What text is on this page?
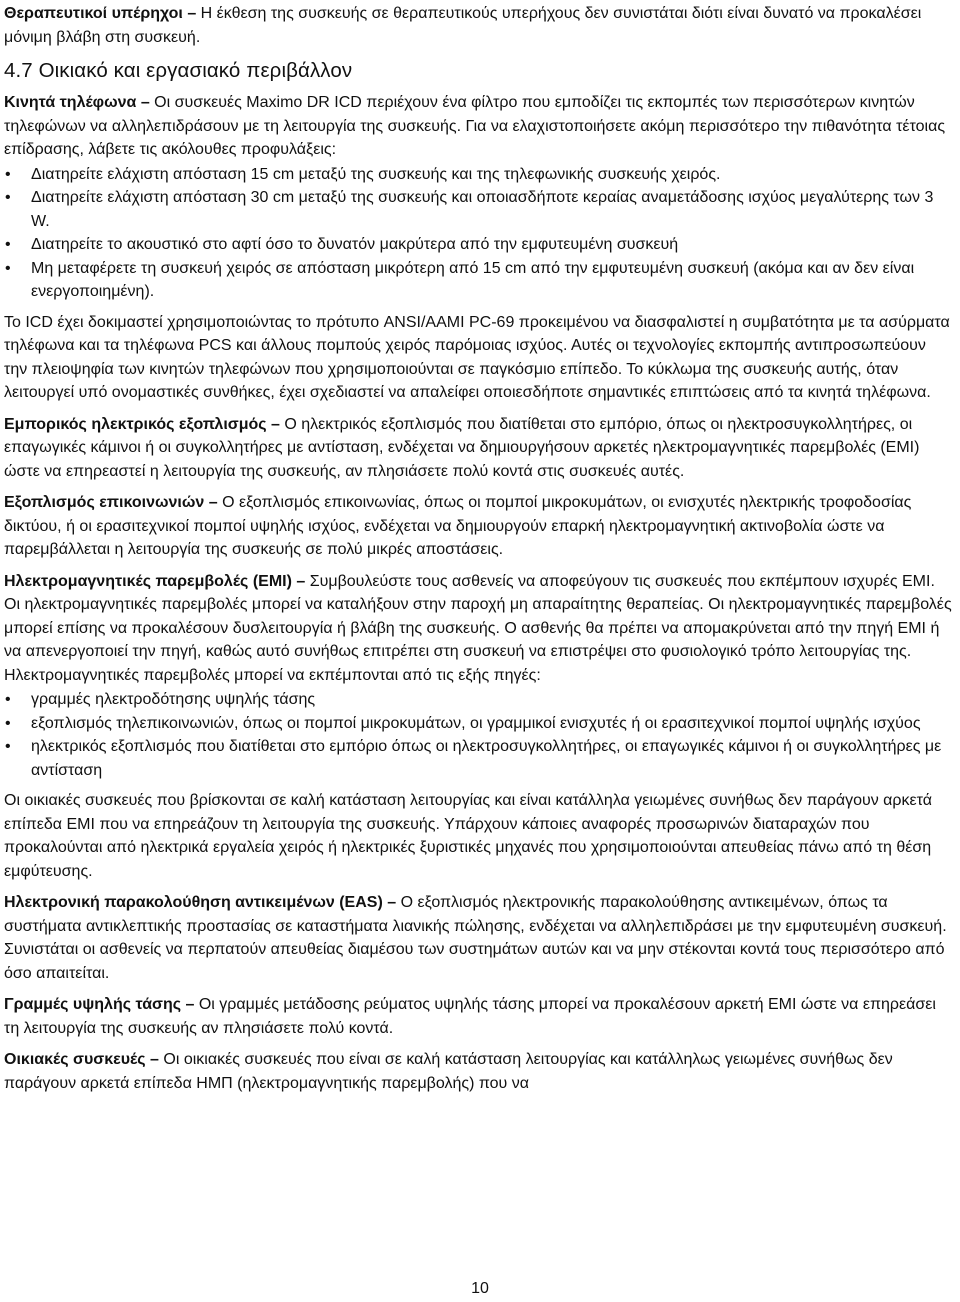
Θεραπευτικοί υπέρηχοι – Η έκθεση της συσκευής σε θεραπευτικούς υπερήχους δεν συνιστάται διότι είναι δυνατό να προκαλέσει μόνιμη βλάβη στη συσκευή.

4.7 Οικιακό και εργασιακό περιβάλλον

Κινητά τηλέφωνα – Οι συσκευές Maximo DR ICD περιέχουν ένα φίλτρο που εμποδίζει τις εκπομπές των περισσότερων κινητών τηλεφώνων να αλληλεπιδράσουν με τη λειτουργία της συσκευής. Για να ελαχιστοποιήσετε ακόμη περισσότερο την πιθανότητα τέτοιας επίδρασης, λάβετε τις ακόλουθες προφυλάξεις:

• Διατηρείτε ελάχιστη απόσταση 15 cm μεταξύ της συσκευής και της τηλεφωνικής συσκευής χειρός.
• Διατηρείτε ελάχιστη απόσταση 30 cm μεταξύ της συσκευής και οποιασδήποτε κεραίας αναμετάδοσης ισχύος μεγαλύτερης των 3 W.
• Διατηρείτε το ακουστικό στο αφτί όσο το δυνατόν μακρύτερα από την εμφυτευμένη συσκευή
• Μη μεταφέρετε τη συσκευή χειρός σε απόσταση μικρότερη από 15 cm από την εμφυτευμένη συσκευή (ακόμα και αν δεν είναι ενεργοποιημένη).

Το ICD έχει δοκιμαστεί χρησιμοποιώντας το πρότυπο ANSI/AAMI PC-69 προκειμένου να διασφαλιστεί η συμβατότητα με τα ασύρματα τηλέφωνα και τα τηλέφωνα PCS και άλλους πομπούς χειρός παρόμοιας ισχύος. Αυτές οι τεχνολογίες εκπομπής αντιπροσωπεύουν την πλειοψηφία των κινητών τηλεφώνων που χρησιμοποιούνται σε παγκόσμιο επίπεδο. Το κύκλωμα της συσκευής αυτής, όταν λειτουργεί υπό ονομαστικές συνθήκες, έχει σχεδιαστεί να απαλείφει οποιεσδήποτε σημαντικές επιπτώσεις από τα κινητά τηλέφωνα.

Εμπορικός ηλεκτρικός εξοπλισμός – Ο ηλεκτρικός εξοπλισμός που διατίθεται στο εμπόριο, όπως οι ηλεκτροσυγκολλητήρες, οι επαγωγικές κάμινοι ή οι συγκολλητήρες με αντίσταση, ενδέχεται να δημιουργήσουν αρκετές ηλεκτρομαγνητικές παρεμβολές (EMI) ώστε να επηρεαστεί η λειτουργία της συσκευής, αν πλησιάσετε πολύ κοντά στις συσκευές αυτές.

Εξοπλισμός επικοινωνιών – Ο εξοπλισμός επικοινωνίας, όπως οι πομποί μικροκυμάτων, οι ενισχυτές ηλεκτρικής τροφοδοσίας δικτύου, ή οι ερασιτεχνικοί πομποί υψηλής ισχύος, ενδέχεται να δημιουργούν επαρκή ηλεκτρομαγνητική ακτινοβολία ώστε να παρεμβάλλεται η λειτουργία της συσκευής σε πολύ μικρές αποστάσεις.

Ηλεκτρομαγνητικές παρεμβολές (EMI) – Συμβουλεύστε τους ασθενείς να αποφεύγουν τις συσκευές που εκπέμπουν ισχυρές EMI. Οι ηλεκτρομαγνητικές παρεμβολές μπορεί να καταλήξουν στην παροχή μη απαραίτητης θεραπείας. Οι ηλεκτρομαγνητικές παρεμβολές μπορεί επίσης να προκαλέσουν δυσλειτουργία ή βλάβη της συσκευής. Ο ασθενής θα πρέπει να απομακρύνεται από την πηγή EMI ή να απενεργοποιεί την πηγή, καθώς αυτό συνήθως επιτρέπει στη συσκευή να επιστρέψει στο φυσιολογικό τρόπο λειτουργίας της.

Ηλεκτρομαγνητικές παρεμβολές μπορεί να εκπέμπονται από τις εξής πηγές:

• γραμμές ηλεκτροδότησης υψηλής τάσης
• εξοπλισμός τηλεπικοινωνιών, όπως οι πομποί μικροκυμάτων, οι γραμμικοί ενισχυτές ή οι ερασιτεχνικοί πομποί υψηλής ισχύος
• ηλεκτρικός εξοπλισμός που διατίθεται στο εμπόριο όπως οι ηλεκτροσυγκολλητήρες, οι επαγωγικές κάμινοι ή οι συγκολλητήρες με αντίσταση

Οι οικιακές συσκευές που βρίσκονται σε καλή κατάσταση λειτουργίας και είναι κατάλληλα γειωμένες συνήθως δεν παράγουν αρκετά επίπεδα EMI που να επηρεάζουν τη λειτουργία της συσκευής. Υπάρχουν κάποιες αναφορές προσωρινών διαταραχών που προκαλούνται από ηλεκτρικά εργαλεία χειρός ή ηλεκτρικές ξυριστικές μηχανές που χρησιμοποιούνται απευθείας πάνω από τη θέση εμφύτευσης.

Ηλεκτρονική παρακολούθηση αντικειμένων (EAS) – Ο εξοπλισμός ηλεκτρονικής παρακολούθησης αντικειμένων, όπως τα συστήματα αντικλεπτικής προστασίας σε καταστήματα λιανικής πώλησης, ενδέχεται να αλληλεπιδράσει με την εμφυτευμένη συσκευή. Συνιστάται οι ασθενείς να περπατούν απευθείας διαμέσου των συστημάτων αυτών και να μην στέκονται κοντά τους περισσότερο από όσο απαιτείται.

Γραμμές υψηλής τάσης – Οι γραμμές μετάδοσης ρεύματος υψηλής τάσης μπορεί να προκαλέσουν αρκετή EMI ώστε να επηρεάσει τη λειτουργία της συσκευής αν πλησιάσετε πολύ κοντά.

Οικιακές συσκευές – Οι οικιακές συσκευές που είναι σε καλή κατάσταση λειτουργίας και κατάλληλως γειωμένες συνήθως δεν παράγουν αρκετά επίπεδα ΗΜΠ (ηλεκτρομαγνητικής παρεμβολής) που να

10
